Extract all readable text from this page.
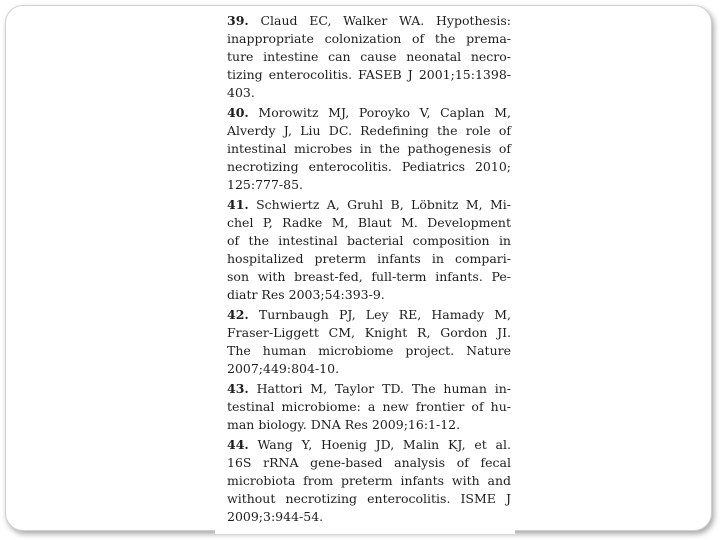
39. Claud EC, Walker WA. Hypothesis:
inappropriate colonization of the prema-
ture intestine can cause neonatal necro-
tizing enterocolitis. FASEB J 2001;15:1398-
403.
40. Morowitz MJ, Poroyko V, Caplan M,
Alverdy J, Liu DC. Redefining the role of
intestinal microbes in the pathogenesis of
necrotizing enterocolitis. Pediatrics 2010;
125:777-85.
41. Schwiertz A, Gruhl B, Löbnitz M, Mi-
chel P, Radke M, Blaut M. Development
of the intestinal bacterial composition in
hospitalized preterm infants in compari-
son with breast-fed, full-term infants. Pe-
diatr Res 2003;54:393-9.
42. Turnbaugh PJ, Ley RE, Hamady M,
Fraser-Liggett CM, Knight R, Gordon JI.
The human microbiome project. Nature
2007;449:804-10.
43. Hattori M, Taylor TD. The human in-
testinal microbiome: a new frontier of hu-
man biology. DNA Res 2009;16:1-12.
44. Wang Y, Hoenig JD, Malin KJ, et al.
16S rRNA gene-based analysis of fecal
microbiota from preterm infants with and
without necrotizing enterocolitis. ISME J
2009;3:944-54.
